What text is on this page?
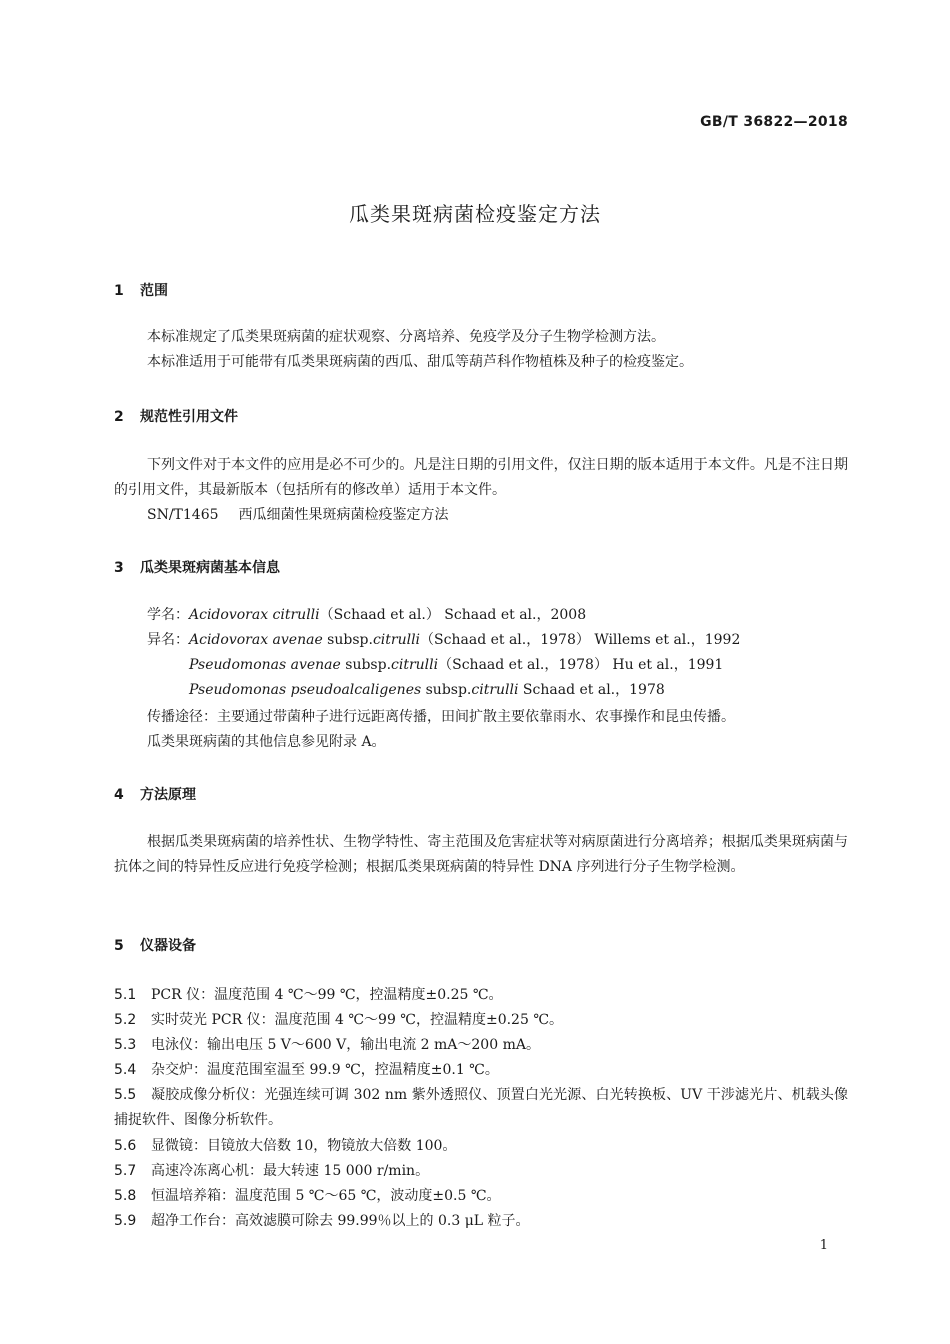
GB/T 36822—2018
瓜类果斑病菌检疫鉴定方法
1 范围
本标准规定了瓜类果斑病菌的症状观察、分离培养、免疫学及分子生物学检测方法。
本标准适用于可能带有瓜类果斑病菌的西瓜、甜瓜等葫芦科作物植株及种子的检疫鉴定。
2 规范性引用文件
下列文件对于本文件的应用是必不可少的。凡是注日期的引用文件，仅注日期的版本适用于本文件。凡是不注日期的引用文件，其最新版本（包括所有的修改单）适用于本文件。
SN/T1465 西瓜细菌性果斑病菌检疫鉴定方法
3 瓜类果斑病菌基本信息
学名：Acidovorax citrulli（Schaad et al.） Schaad et al.，2008
异名：Acidovorax avenae subsp.citrulli（Schaad et al.，1978） Willems et al.，1992
Pseudomonas avenae subsp.citrulli（Schaad et al.，1978） Hu et al.，1991
Pseudomonas pseudoalcaligenes subsp.citrulli Schaad et al.，1978
传播途径：主要通过带菌种子进行远距离传播，田间扩散主要依靠雨水、农事操作和昆虫传播。
瓜类果斑病菌的其他信息参见附录 A。
4 方法原理
根据瓜类果斑病菌的培养性状、生物学特性、寄主范围及危害症状等对病原菌进行分离培养；根据瓜类果斑病菌与抗体之间的特异性反应进行免疫学检测；根据瓜类果斑病菌的特异性 DNA 序列进行分子生物学检测。
5 仪器设备
5.1 PCR 仪：温度范围 4 ℃～99 ℃，控温精度±0.25 ℃。
5.2 实时荧光 PCR 仪：温度范围 4 ℃～99 ℃，控温精度±0.25 ℃。
5.3 电泳仪：输出电压 5 V～600 V，输出电流 2 mA～200 mA。
5.4 杂交炉：温度范围室温至 99.9 ℃，控温精度±0.1 ℃。
5.5 凝胶成像分析仪：光强连续可调 302 nm 紫外透照仪、顶置白光光源、白光转换板、UV 干涉滤光片、机载头像捕捉软件、图像分析软件。
5.6 显微镜：目镜放大倍数 10，物镜放大倍数 100。
5.7 高速冷冻离心机：最大转速 15 000 r/min。
5.8 恒温培养箱：温度范围 5 ℃～65 ℃，波动度±0.5 ℃。
5.9 超净工作台：高效滤膜可除去 99.99％以上的 0.3 μL 粒子。
1
